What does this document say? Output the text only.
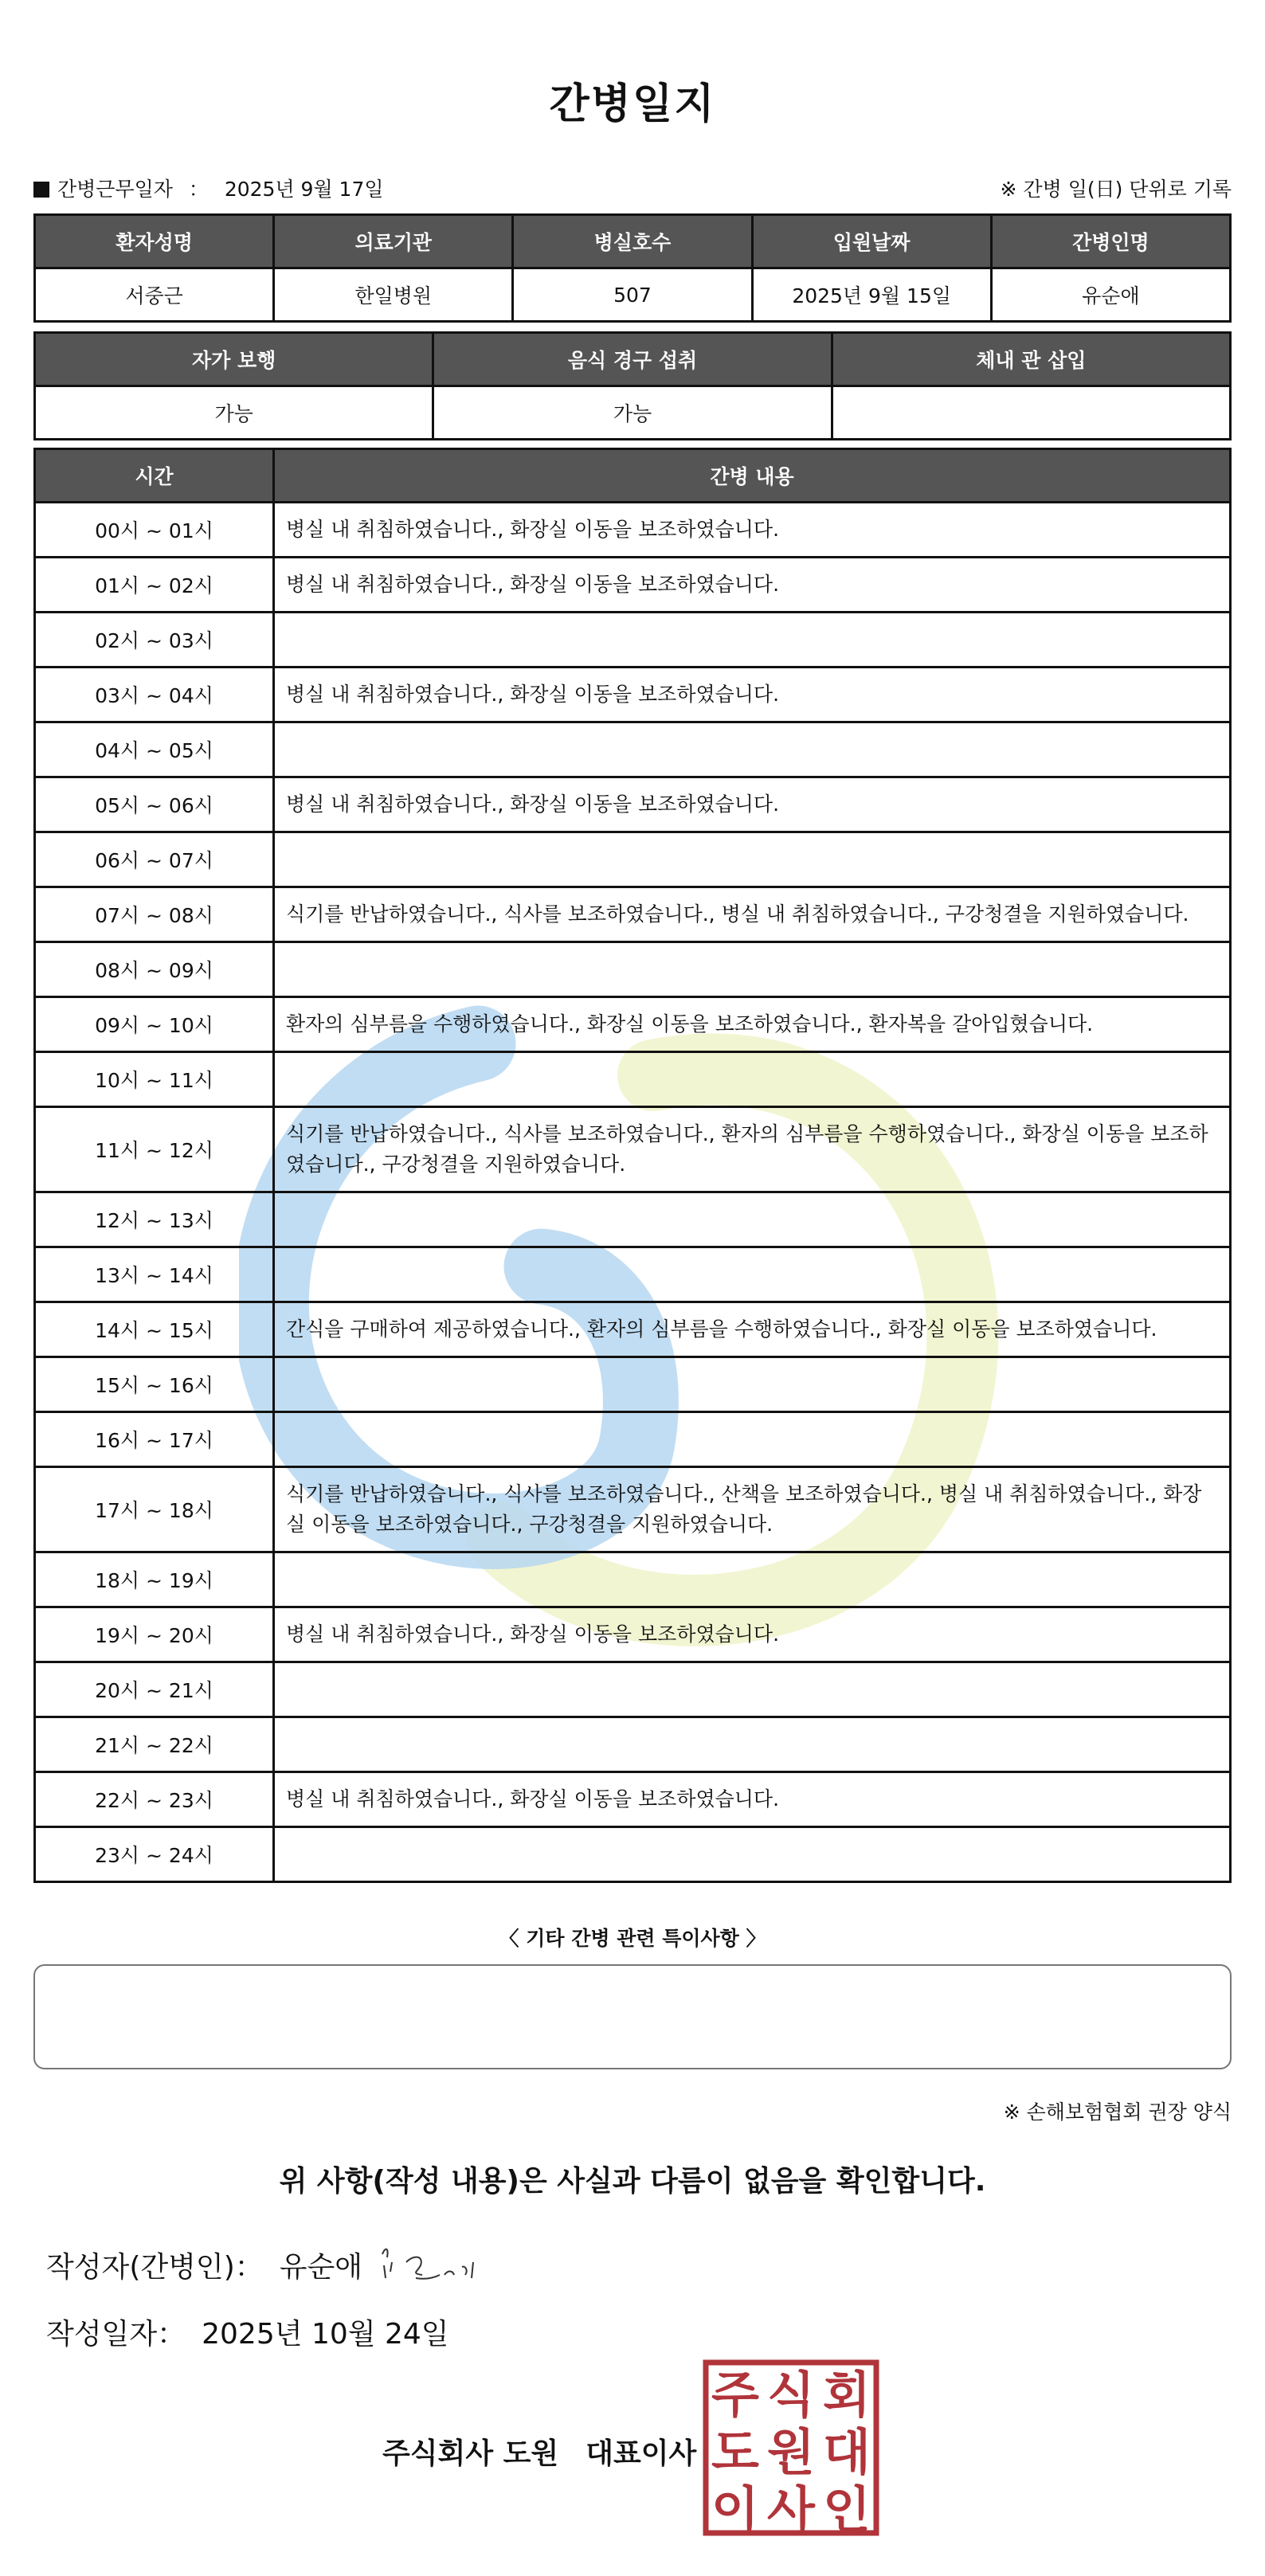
간병일지
간병근무일자 ： 2025년 9월 17일	※ 간병 일(日) 단위로 기록
환자성명	의료기관	병실호수	입원날짜	간병인명
서중근	한일병원	507	2025년 9월 15일	유순애
자가 보행	음식 경구 섭취	체내 관 삽입
가능	가능	
시간	간병 내용
00시 ~ 01시	병실 내 취침하였습니다., 화장실 이동을 보조하였습니다.
01시 ~ 02시	병실 내 취침하였습니다., 화장실 이동을 보조하였습니다.
02시 ~ 03시	
03시 ~ 04시	병실 내 취침하였습니다., 화장실 이동을 보조하였습니다.
04시 ~ 05시	
05시 ~ 06시	병실 내 취침하였습니다., 화장실 이동을 보조하였습니다.
06시 ~ 07시	
07시 ~ 08시	식기를 반납하였습니다., 식사를 보조하였습니다., 병실 내 취침하였습니다., 구강청결을 지원하였습니다.
08시 ~ 09시	
09시 ~ 10시	환자의 심부름을 수행하였습니다., 화장실 이동을 보조하였습니다., 환자복을 갈아입혔습니다.
10시 ~ 11시	
11시 ~ 12시	식기를 반납하였습니다., 식사를 보조하였습니다., 환자의 심부름을 수행하였습니다., 화장실 이동을 보조하였습니다., 구강청결을 지원하였습니다.
12시 ~ 13시	
13시 ~ 14시	
14시 ~ 15시	간식을 구매하여 제공하였습니다., 환자의 심부름을 수행하였습니다., 화장실 이동을 보조하였습니다.
15시 ~ 16시	
16시 ~ 17시	
17시 ~ 18시	식기를 반납하였습니다., 식사를 보조하였습니다., 산책을 보조하였습니다., 병실 내 취침하였습니다., 화장실 이동을 보조하였습니다., 구강청결을 지원하였습니다.
18시 ~ 19시	
19시 ~ 20시	병실 내 취침하였습니다., 화장실 이동을 보조하였습니다.
20시 ~ 21시	
21시 ~ 22시	
22시 ~ 23시	병실 내 취침하였습니다., 화장실 이동을 보조하였습니다.
23시 ~ 24시	
〈 기타 간병 관련 특이사항 〉
※ 손해보험협회 권장 양식
위 사항(작성 내용)은 사실과 다름이 없음을 확인합니다.
작성자(간병인)： 유순애
작성일자： 2025년 10월 24일
주식회사 도원 대표이사
주 식 회
도 원 대
이 사 인
